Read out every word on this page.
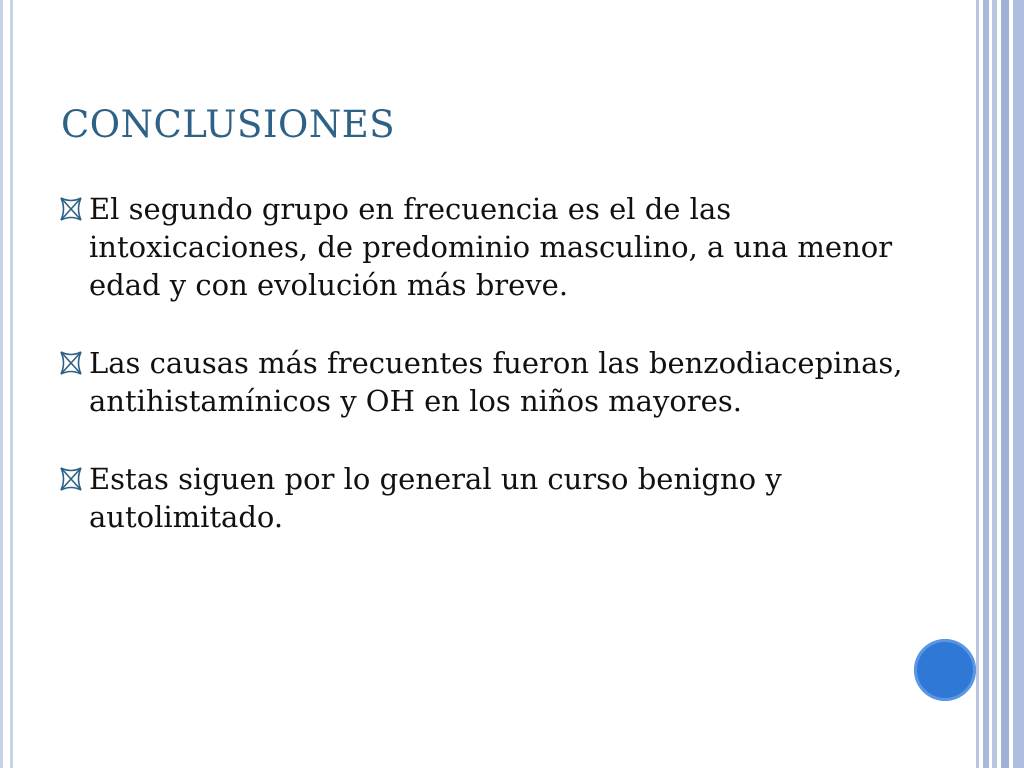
CONCLUSIONES
El segundo grupo en frecuencia es el de las intoxicaciones, de predominio masculino, a una menor edad y con evolución más breve.
Las causas más frecuentes fueron las benzodiacepinas, antihistamínicos y OH en los niños mayores.
Estas siguen por lo general un curso benigno y autolimitado.
